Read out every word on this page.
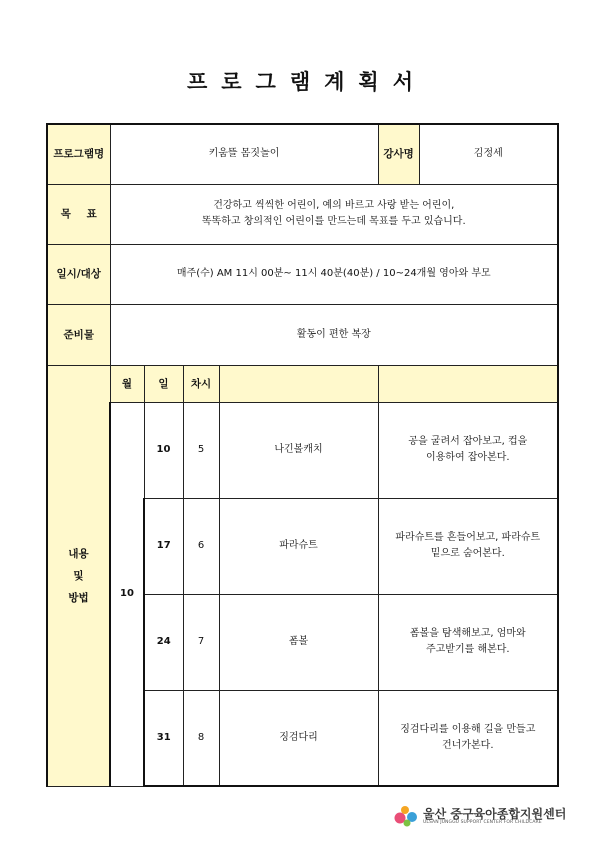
프로그램계획서
프로그램명	키움뜰 몸짓놀이				강사명	김정세
목 표	건강하고 씩씩한 어린이, 예의 바르고 사랑 받는 어린이,
똑똑하고 창의적인 어린이를 만드는데 목표를 두고 있습니다.					

일시/대상	매주(수) AM 11시 00분~ 11시 40분(40분) / 10~24개월 영아와 부모					
준비물	활동이 편한 복장					

내용
및
방법	월	일	차시			
	10	10	5	나긴볼캐치	공을 굴려서 잡아보고, 컵을
이용하여 잡아본다.	

		17	6	파라슈트	파라슈트를 흔들어보고, 파라슈트
밑으로 숨어본다.	

		24	7	폼볼	폼볼을 탐색해보고, 엄마와
주고받기를 해본다.	

		31	8	징검다리	징검다리를 이용해 길을 만들고
건너가본다.	
울산 중구육아종합지원센터
ULSAN JUNGGU SUPPORT CENTER FOR CHILDCARE
